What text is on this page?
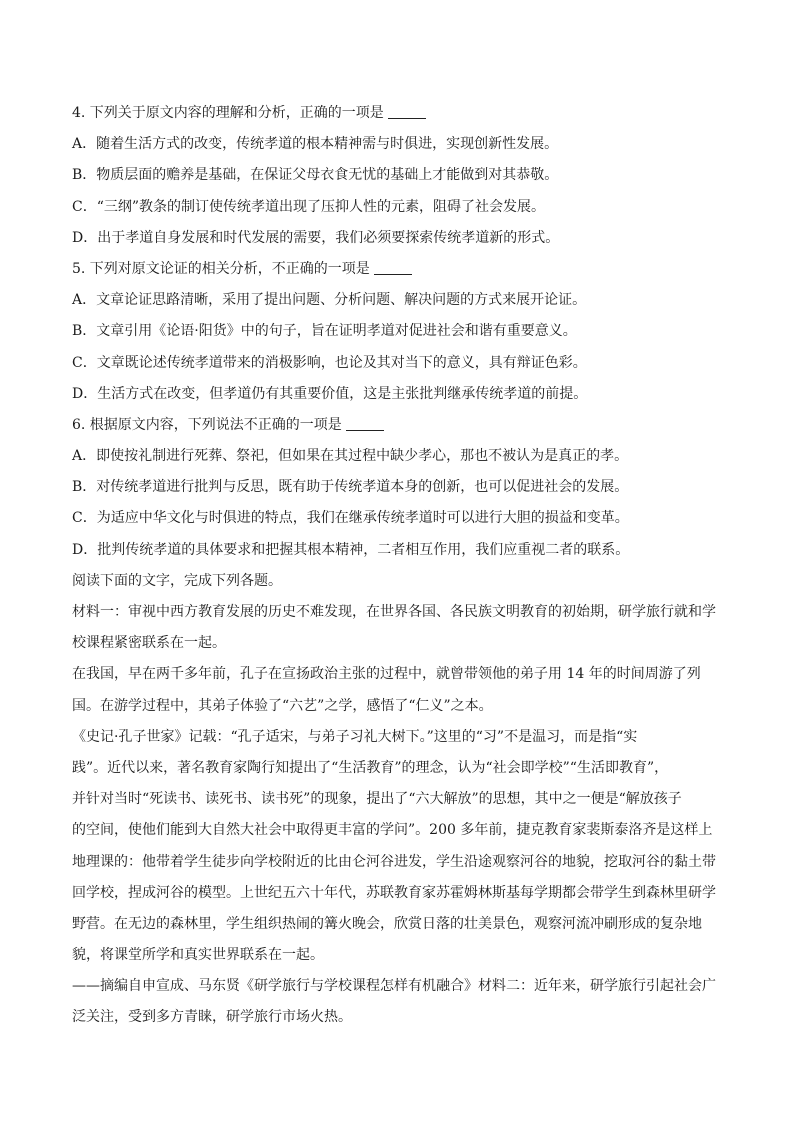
4. 下列关于原文内容的理解和分析，正确的一项是
A．随着生活方式的改变，传统孝道的根本精神需与时俱进，实现创新性发展。
B．物质层面的赡养是基础，在保证父母衣食无忧的基础上才能做到对其恭敬。
C．“三纲”教条的制订使传统孝道出现了压抑人性的元素，阻碍了社会发展。
D．出于孝道自身发展和时代发展的需要，我们必须要探索传统孝道新的形式。
5. 下列对原文论证的相关分析，不正确的一项是
A．文章论证思路清晰，采用了提出问题、分析问题、解决问题的方式来展开论证。
B．文章引用《论语·阳货》中的句子，旨在证明孝道对促进社会和谐有重要意义。
C．文章既论述传统孝道带来的消极影响，也论及其对当下的意义，具有辩证色彩。
D．生活方式在改变，但孝道仍有其重要价值，这是主张批判继承传统孝道的前提。
6. 根据原文内容，下列说法不正确的一项是
A．即使按礼制进行死葬、祭祀，但如果在其过程中缺少孝心，那也不被认为是真正的孝。
B．对传统孝道进行批判与反思，既有助于传统孝道本身的创新，也可以促进社会的发展。
C．为适应中华文化与时俱进的特点，我们在继承传统孝道时可以进行大胆的损益和变革。
D．批判传统孝道的具体要求和把握其根本精神，二者相互作用，我们应重视二者的联系。
阅读下面的文字，完成下列各题。
材料一：审视中西方教育发展的历史不难发现，在世界各国、各民族文明教育的初始期，研学旅行就和学
校课程紧密联系在一起。
在我国，早在两千多年前，孔子在宣扬政治主张的过程中，就曾带领他的弟子用 14 年的时间周游了列
国。在游学过程中，其弟子体验了“六艺”之学，感悟了“仁义”之本。
《史记·孔子世家》记载：“孔子适宋，与弟子习礼大树下。”这里的“习”不是温习，而是指“实
践”。近代以来，著名教育家陶行知提出了“生活教育”的理念，认为“社会即学校”“生活即教育”，
并针对当时“死读书、读死书、读书死”的现象，提出了“六大解放”的思想，其中之一便是“解放孩子
的空间，使他们能到大自然大社会中取得更丰富的学问”。200 多年前，捷克教育家裴斯泰洛齐是这样上
地理课的：他带着学生徒步向学校附近的比由仑河谷进发，学生沿途观察河谷的地貌，挖取河谷的黏土带
回学校，捏成河谷的模型。上世纪五六十年代，苏联教育家苏霍姆林斯基每学期都会带学生到森林里研学
野营。在无边的森林里，学生组织热闹的篝火晚会，欣赏日落的壮美景色，观察河流冲刷形成的复杂地
貌，将课堂所学和真实世界联系在一起。
——摘编自申宣成、马东贤《研学旅行与学校课程怎样有机融合》材料二：近年来，研学旅行引起社会广
泛关注，受到多方青睐，研学旅行市场火热。
